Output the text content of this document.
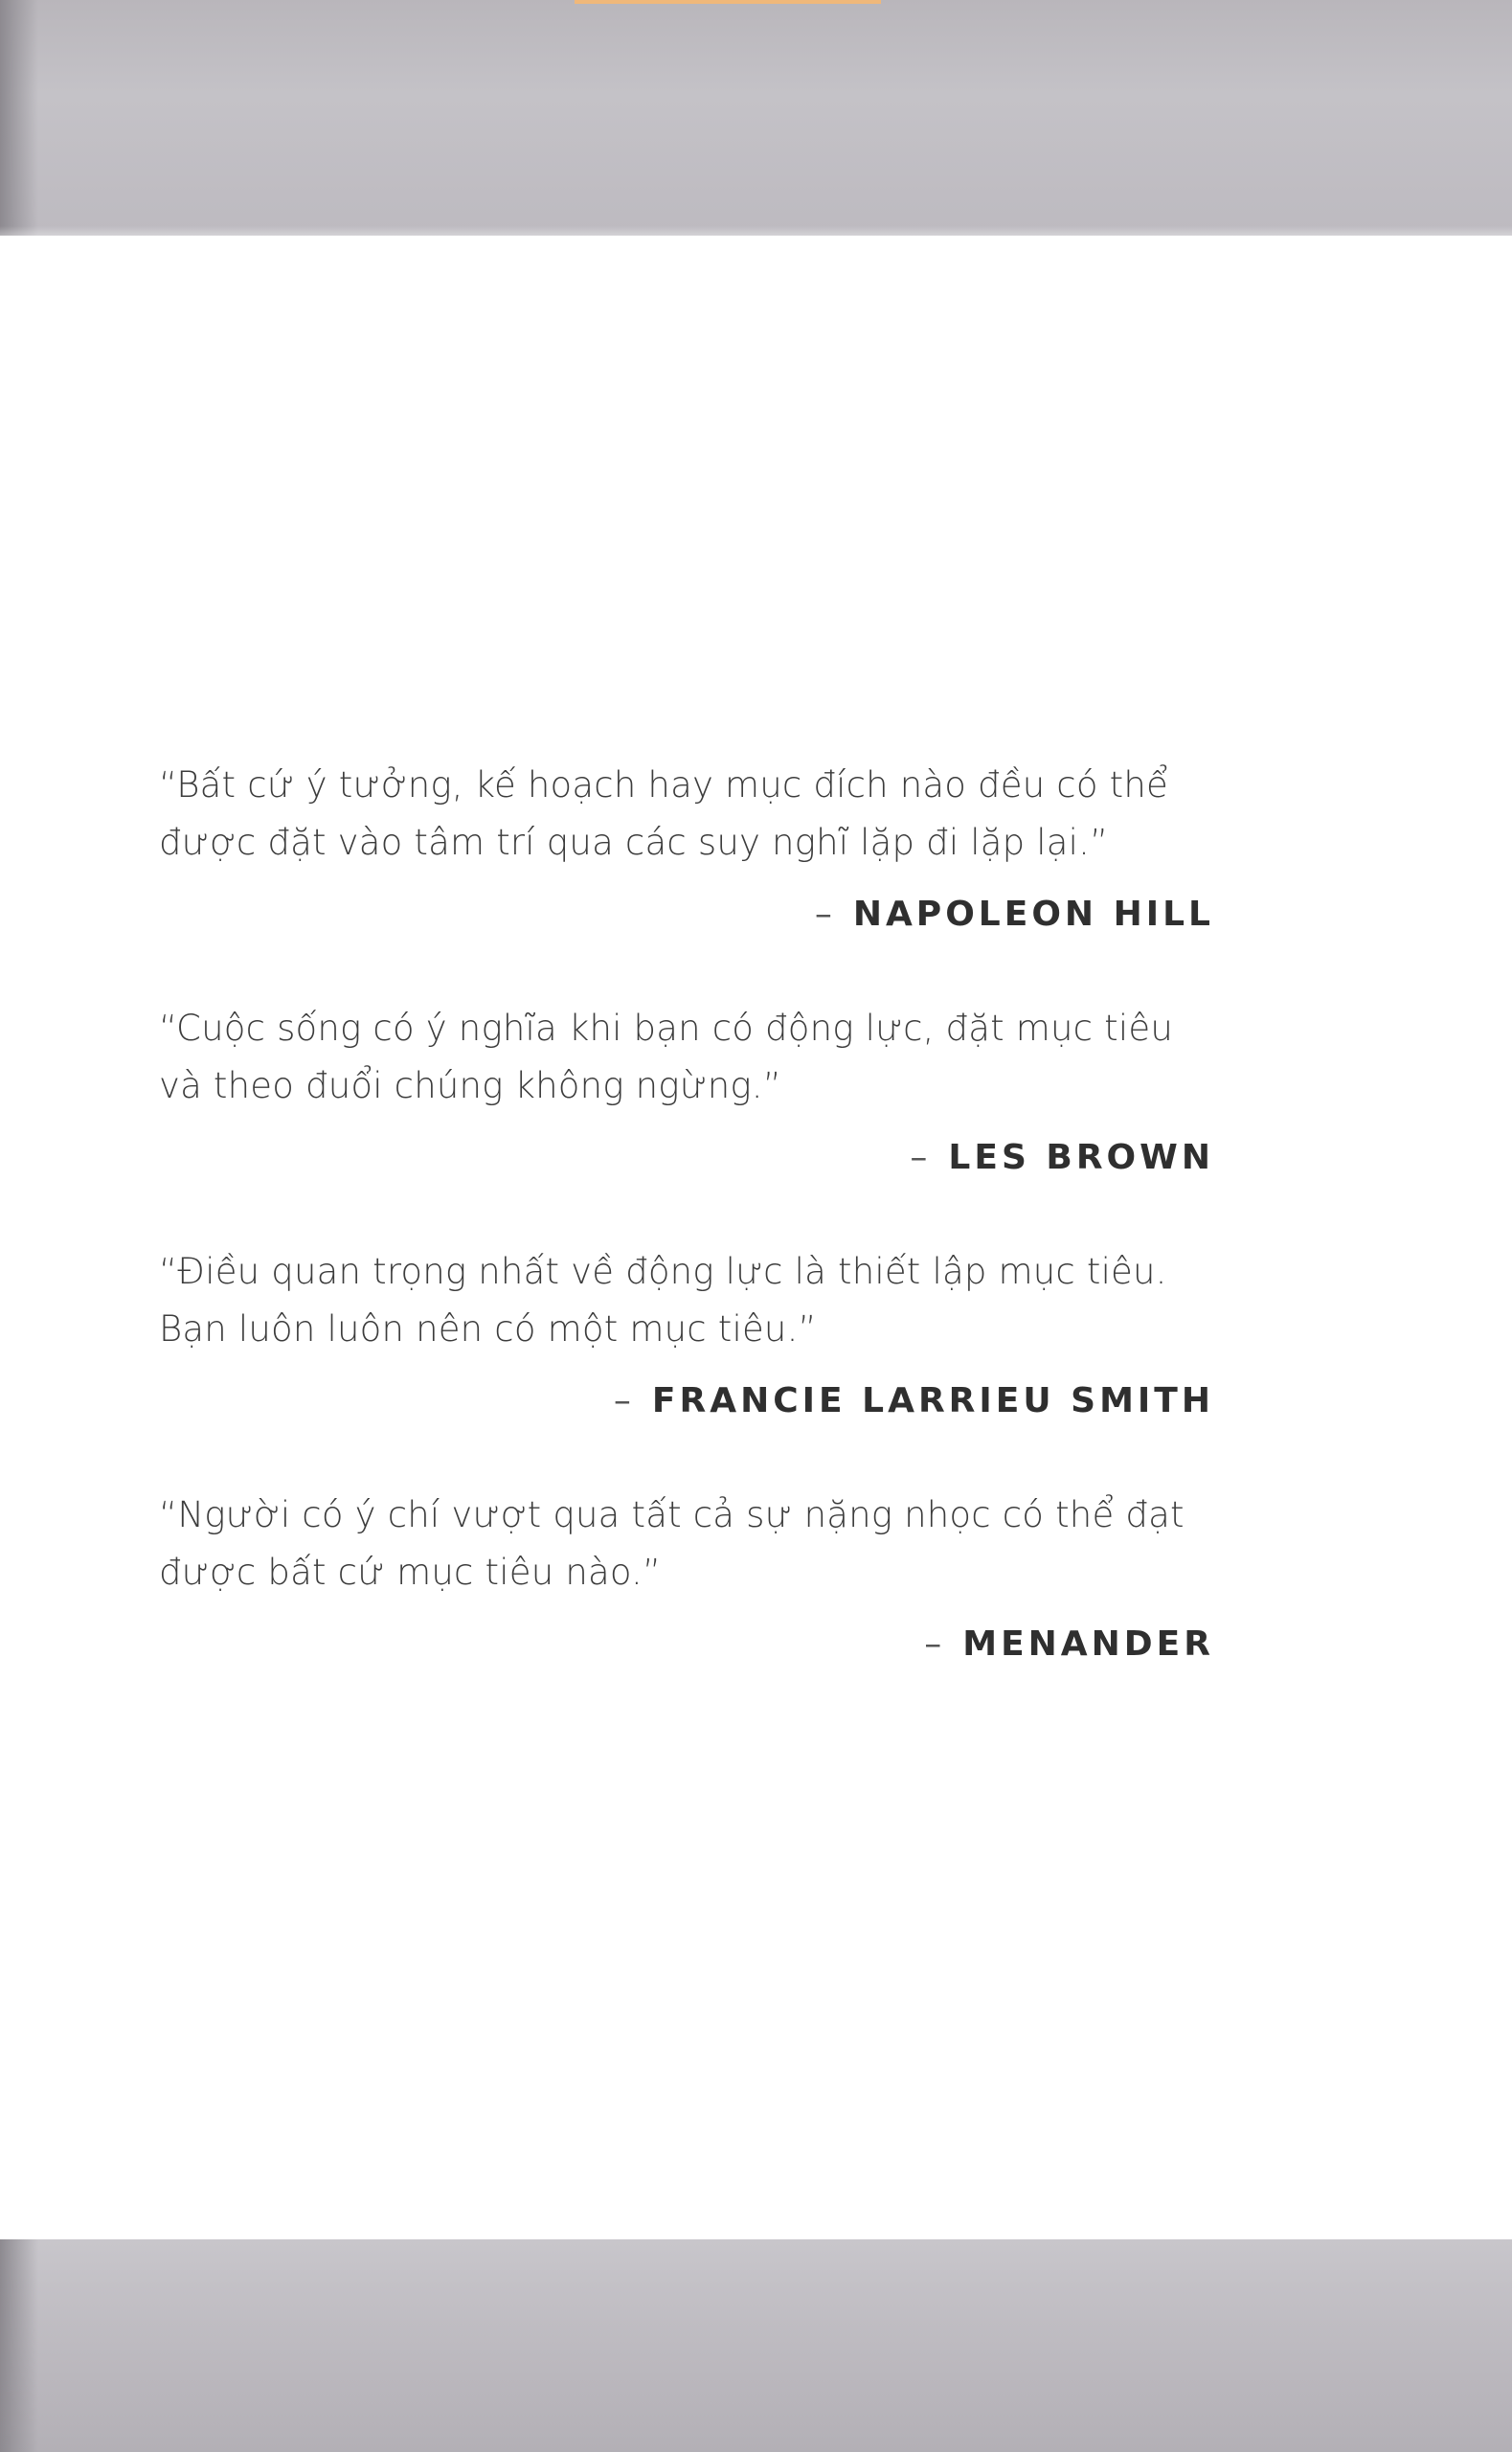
“Bất cứ ý tưởng, kế hoạch hay mục đích nào đều có thể được đặt vào tâm trí qua các suy nghĩ lặp đi lặp lại.”

– NAPOLEON HILL

“Cuộc sống có ý nghĩa khi bạn có động lực, đặt mục tiêu và theo đuổi chúng không ngừng.”

– LES BROWN

“Điều quan trọng nhất về động lực là thiết lập mục tiêu. Bạn luôn luôn nên có một mục tiêu.”

– FRANCIE LARRIEU SMITH

“Người có ý chí vượt qua tất cả sự nặng nhọc có thể đạt được bất cứ mục tiêu nào.”

– MENANDER
